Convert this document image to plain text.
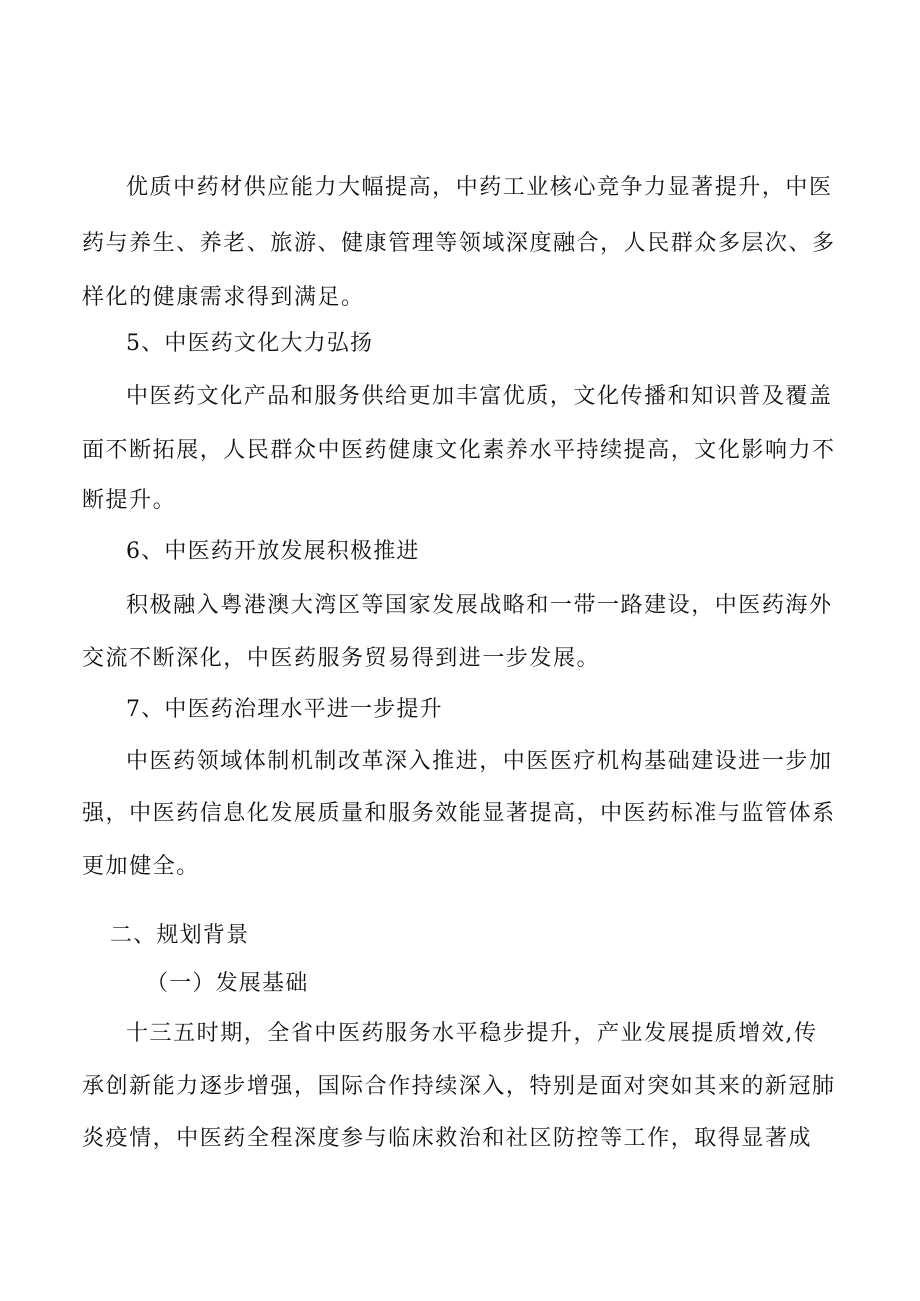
优质中药材供应能力大幅提高，中药工业核心竞争力显著提升，中医
药与养生、养老、旅游、健康管理等领域深度融合，人民群众多层次、多
样化的健康需求得到满足。
5、中医药文化大力弘扬
中医药文化产品和服务供给更加丰富优质，文化传播和知识普及覆盖
面不断拓展，人民群众中医药健康文化素养水平持续提高，文化影响力不
断提升。
6、中医药开放发展积极推进
积极融入粤港澳大湾区等国家发展战略和一带一路建设，中医药海外
交流不断深化，中医药服务贸易得到进一步发展。
7、中医药治理水平进一步提升
中医药领域体制机制改革深入推进，中医医疗机构基础建设进一步加
强，中医药信息化发展质量和服务效能显著提高，中医药标准与监管体系
更加健全。
二、规划背景
（一）发展基础
十三五时期，全省中医药服务水平稳步提升，产业发展提质增效,传
承创新能力逐步增强，国际合作持续深入，特别是面对突如其来的新冠肺
炎疫情，中医药全程深度参与临床救治和社区防控等工作，取得显著成
